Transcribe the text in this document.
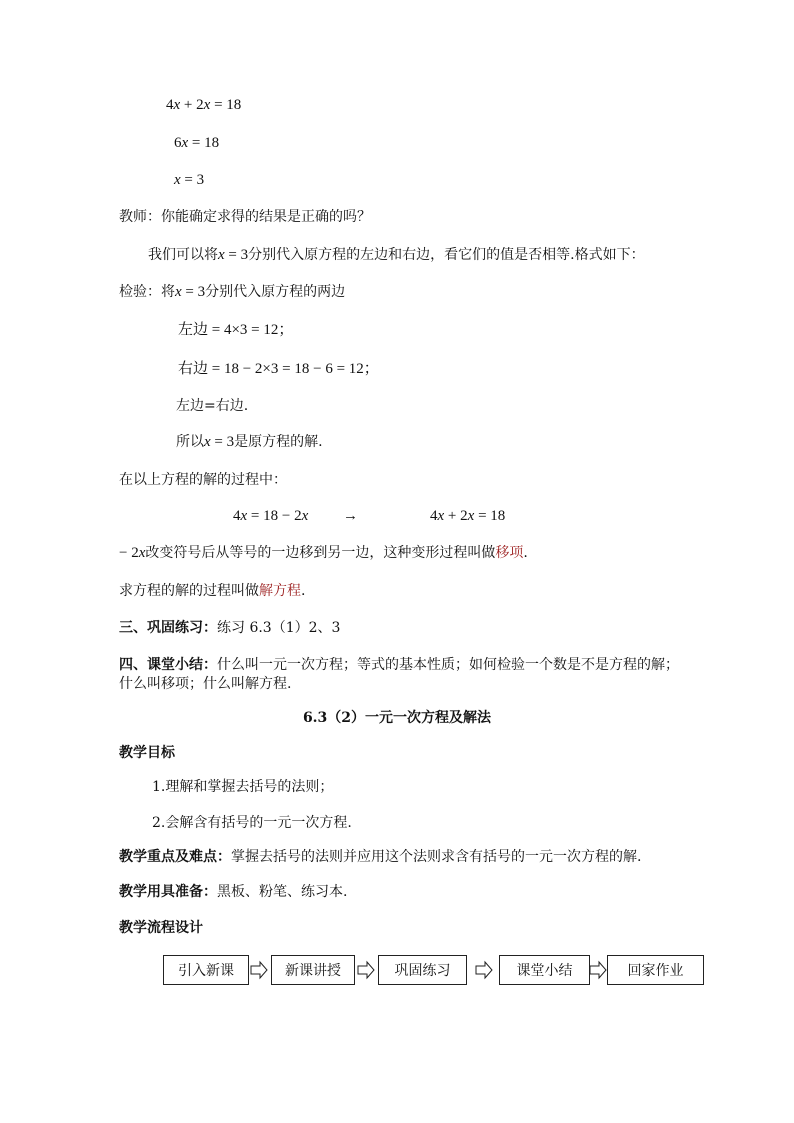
4x + 2x = 18
6x = 18
x = 3
教师：你能确定求得的结果是正确的吗？
我们可以将x = 3分别代入原方程的左边和右边，看它们的值是否相等.格式如下：
检验：将x = 3分别代入原方程的两边
左边 = 4×3 = 12；
右边 = 18 − 2×3 = 18 − 6 = 12；
左边=右边.
所以x = 3是原方程的解.
在以上方程的解的过程中：
4x = 18 − 2x →	4x + 2x = 18
− 2x改变符号后从等号的一边移到另一边，这种变形过程叫做移项.
求方程的解的过程叫做解方程.
三、巩固练习：练习 6.3（1）2、3
四、课堂小结：什么叫一元一次方程；等式的基本性质；如何检验一个数是不是方程的解；
什么叫移项；什么叫解方程.
6.3（2）一元一次方程及解法
教学目标
1.理解和掌握去括号的法则；
2.会解含有括号的一元一次方程.
教学重点及难点：掌握去括号的法则并应用这个法则求含有括号的一元一次方程的解.
教学用具准备：黑板、粉笔、练习本.
教学流程设计
引入新课	新课讲授	巩固练习	课堂小结	回家作业
